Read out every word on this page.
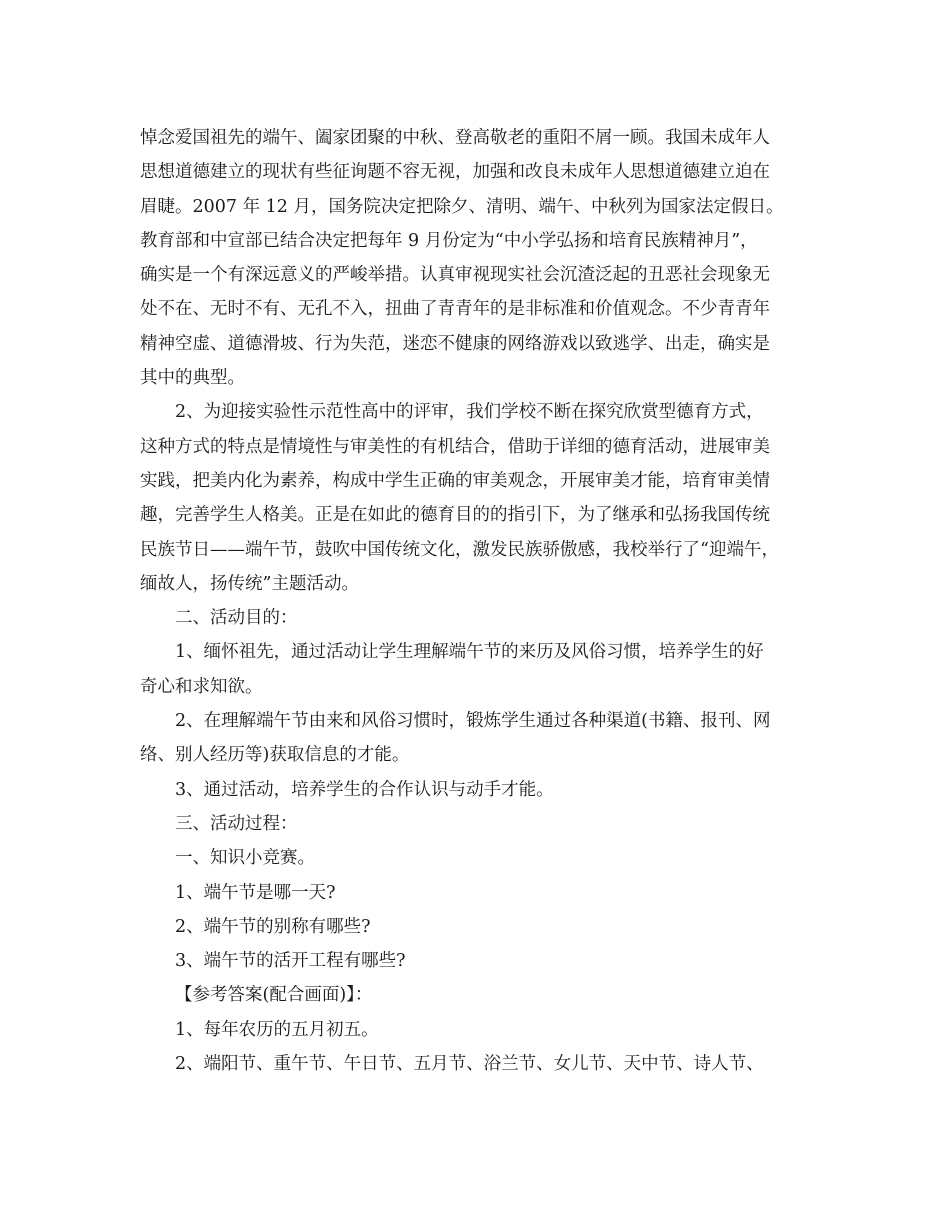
悼念爱国祖先的端午、阖家团聚的中秋、登高敬老的重阳不屑一顾。我国未成年人

思想道德建立的现状有些征询题不容无视，加强和改良未成年人思想道德建立迫在

眉睫。2007 年 12 月，国务院决定把除夕、清明、端午、中秋列为国家法定假日。

教育部和中宣部已结合决定把每年 9 月份定为“中小学弘扬和培育民族精神月”，

确实是一个有深远意义的严峻举措。认真审视现实社会沉渣泛起的丑恶社会现象无

处不在、无时不有、无孔不入，扭曲了青青年的是非标准和价值观念。不少青青年

精神空虚、道德滑坡、行为失范，迷恋不健康的网络游戏以致逃学、出走，确实是

其中的典型。

2、为迎接实验性示范性高中的评审，我们学校不断在探究欣赏型德育方式，

这种方式的特点是情境性与审美性的有机结合，借助于详细的德育活动，进展审美

实践，把美内化为素养，构成中学生正确的审美观念，开展审美才能，培育审美情

趣，完善学生人格美。正是在如此的德育目的的指引下，为了继承和弘扬我国传统

民族节日——端午节，鼓吹中国传统文化，激发民族骄傲感，我校举行了“迎端午，

缅故人，扬传统”主题活动。

二、活动目的：

1、缅怀祖先，通过活动让学生理解端午节的来历及风俗习惯，培养学生的好

奇心和求知欲。

2、在理解端午节由来和风俗习惯时，锻炼学生通过各种渠道(书籍、报刊、网

络、别人经历等)获取信息的才能。

3、通过活动，培养学生的合作认识与动手才能。

三、活动过程：

一、知识小竞赛。

1、端午节是哪一天?

2、端午节的别称有哪些?

3、端午节的活开工程有哪些?

【参考答案(配合画面)】：

1、每年农历的五月初五。

2、端阳节、重午节、午日节、五月节、浴兰节、女儿节、天中节、诗人节、
